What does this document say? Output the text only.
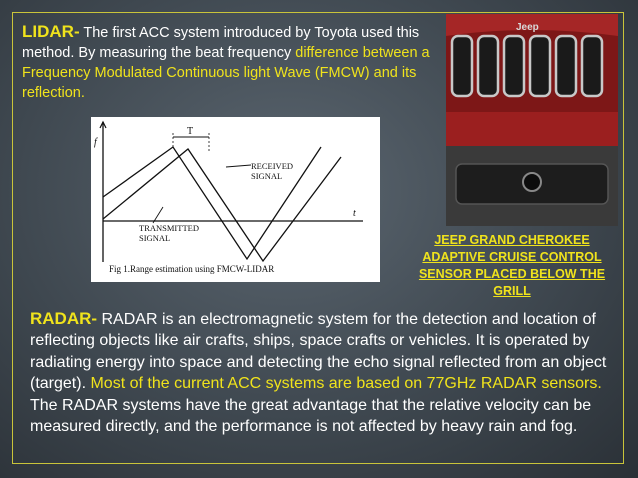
LIDAR- The first ACC system introduced by Toyota used this method. By measuring the beat frequency difference between a Frequency Modulated Continuous light Wave (FMCW) and its reflection.
f
t
T
RECEIVED
SIGNAL
TRANSMITTED
SIGNAL
Fig 1.Range estimation using FMCW-LIDAR
Jeep
JEEP GRAND CHEROKEE ADAPTIVE CRUISE CONTROL SENSOR PLACED BELOW THE GRILL
RADAR- RADAR is an electromagnetic system for the detection and location of reflecting objects like air crafts, ships, space crafts or vehicles. It is operated by radiating energy into space and detecting the echo signal reflected from an object (target). Most of the current ACC systems are based on 77GHz RADAR sensors. The RADAR systems have the great advantage that the relative velocity can be measured directly, and the performance is not affected by heavy rain and fog.
